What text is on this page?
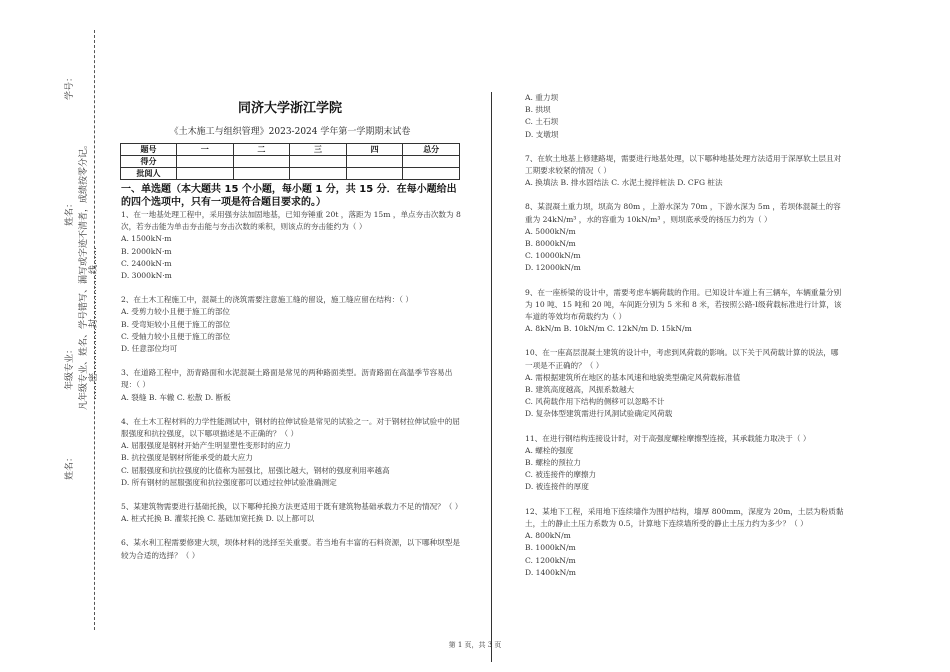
学号：
姓名：
年级专业：
姓名：
凡年级专业、姓名、学号错写、漏写或字迹不清者，成绩按零分记。 ……密……………封……………线……
同济大学浙江学院
《土木施工与组织管理》2023-2024 学年第一学期期末试卷
题号	一	二	三	四	总分
得分					
批阅人					
一、单选题（本大题共 15 个小题，每小题 1 分，共 15 分．在每小题给出的四个选项中，只有一项是符合题目要求的。）

1、在一地基处理工程中，采用强夯法加固地基，已知夯锤重 20t ，落距为 15m ，单点夯击次数为 8 次，若夯击能为单击夯击能与夯击次数的乘积，则该点的夯击能约为（ ）

A. 1500kN·m

B. 2000kN·m

C. 2400kN·m

D. 3000kN·m

2、在土木工程施工中，混凝土的浇筑需要注意施工缝的留设，施工缝应留在结构：（ ）

A. 受剪力较小且便于施工的部位

B. 受弯矩较小且便于施工的部位

C. 受轴力较小且便于施工的部位

D. 任意部位均可

3、在道路工程中，沥青路面和水泥混凝土路面是常见的两种路面类型。沥青路面在高温季节容易出现：（ ）

A. 裂缝 B. 车辙 C. 松散 D. 断板

4、在土木工程材料的力学性能测试中，钢材的拉伸试验是常见的试验之一。对于钢材拉伸试验中的屈服强度和抗拉强度，以下哪项描述是不正确的？（ ）

A. 屈服强度是钢材开始产生明显塑性变形时的应力

B. 抗拉强度是钢材所能承受的最大应力

C. 屈服强度和抗拉强度的比值称为屈强比，屈强比越大，钢材的强度利用率越高

D. 所有钢材的屈服强度和抗拉强度都可以通过拉伸试验准确测定

5、某建筑物需要进行基础托换，以下哪种托换方法更适用于既有建筑物基础承载力不足的情况？（ ）

A. 桩式托换 B. 灌浆托换 C. 基础加宽托换 D. 以上都可以

6、某水利工程需要修建大坝，坝体材料的选择至关重要。若当地有丰富的石料资源，以下哪种坝型是较为合适的选择？（ ）

A. 重力坝

B. 拱坝

C. 土石坝

D. 支墩坝

7、在软土地基上修建路堤，需要进行地基处理，以下哪种地基处理方法适用于深厚软土层且对工期要求较紧的情况（ ）

A. 换填法 B. 排水固结法 C. 水泥土搅拌桩法 D. CFG 桩法

8、某混凝土重力坝，坝高为 80m ，上游水深为 70m ，下游水深为 5m ，若坝体混凝土的容重为 24kN/m³ ，水的容重为 10kN/m³ ，则坝底承受的扬压力约为（ ）

A. 5000kN/m

B. 8000kN/m

C. 10000kN/m

D. 12000kN/m

9、在一座桥梁的设计中，需要考虑车辆荷载的作用。已知设计车道上有三辆车，车辆重量分别为 10 吨、15 吨和 20 吨，车间距分别为 5 米和 8 米，若按照公路-Ⅰ级荷载标准进行计算，该车道的等效均布荷载约为（ ）

A. 8kN/m B. 10kN/m C. 12kN/m D. 15kN/m

10、在一座高层混凝土建筑的设计中，考虑到风荷载的影响。以下关于风荷载计算的说法，哪一项是不正确的？（ ）

A. 需根据建筑所在地区的基本风速和地貌类型确定风荷载标准值

B. 建筑高度越高，风振系数越大

C. 风荷载作用下结构的侧移可以忽略不计

D. 复杂体型建筑需进行风洞试验确定风荷载

11、在进行钢结构连接设计时，对于高强度螺栓摩擦型连接，其承载能力取决于（ ）

A. 螺栓的强度

B. 螺栓的预拉力

C. 被连接件的摩擦力

D. 被连接件的厚度

12、某地下工程，采用地下连续墙作为围护结构，墙厚 800mm，深度为 20m，土层为粉质黏土，土的静止土压力系数为 0.5，计算地下连续墙所受的静止土压力约为多少？（ ）

A. 800kN/m

B. 1000kN/m

C. 1200kN/m

D. 1400kN/m

第 1 页，共 3 页
